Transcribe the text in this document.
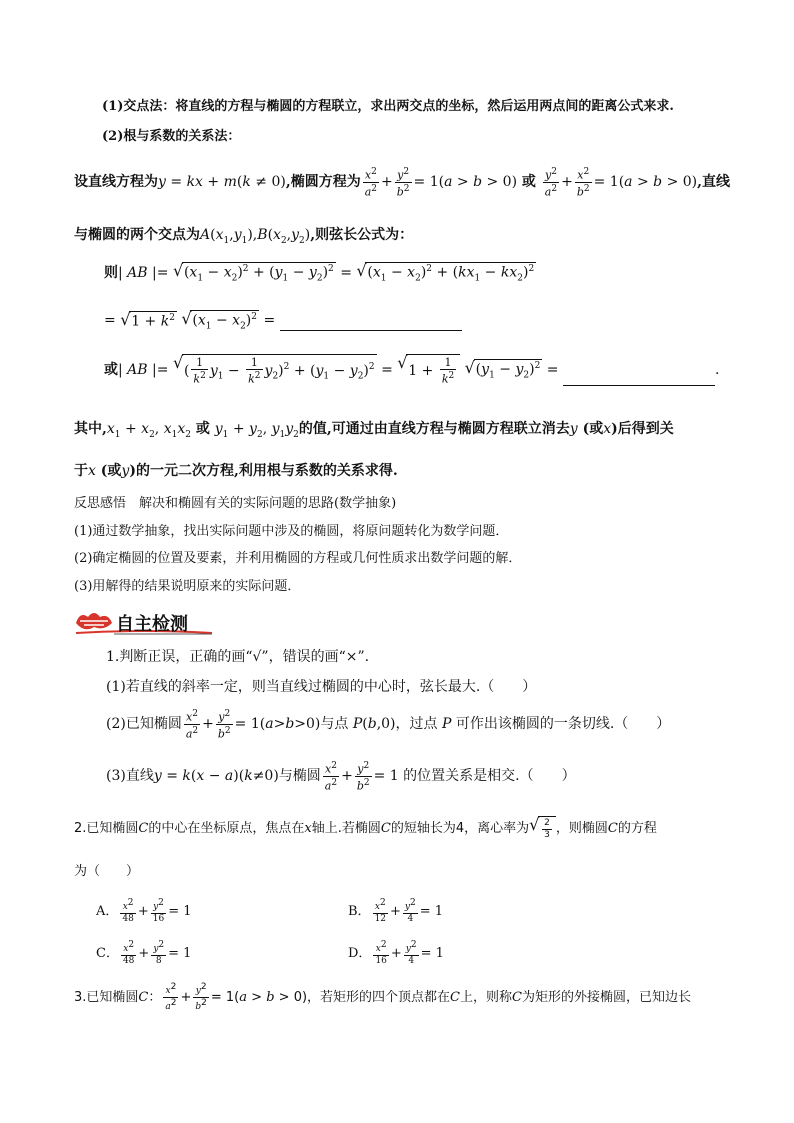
(1)交点法：将直线的方程与椭圆的方程联立，求出两交点的坐标，然后运用两点间的距离公式来求.
(2)根与系数的关系法：
设直线方程为y = kx + m(k ≠ 0),椭圆方程为 $\frac{x^2}{a^2} + \frac{y^2}{b^2} = 1(a > b > 0)$ 或 $\frac{y^2}{a^2} + \frac{x^2}{b^2} = 1(a > b > 0)$,直线
与椭圆的两个交点为$A(x_1,y_1),B(x_2,y_2)$,则弦长公式为：
则| AB |= √ $(x_1 - x_2)^2 + (y_1 - y_2)^2$ = √ $(x_1 - x_2)^2 + (kx_1 - kx_2)^2$
= √ $1 + k^2$ √ $(x_1 - x_2)^2$ =
或| AB |= √ ( $\frac{1}{k^2} y_1 - \frac{1}{k^2} y_2)^2 + (y_1 - y_2)^2$ = √ $1 + \frac{1}{k^2}$ √ $(y_1 - y_2)^2$ =	.
其中$,x_1 + x_2$, $x_1x_2$ 或 $y_1 + y_2$, $y_1y_2$的值,可通过由直线方程与椭圆方程联立消去y (或x)后得到关
于x (或y)的一元二次方程,利用根与系数的关系求得.
反思感悟　解决和椭圆有关的实际问题的思路(数学抽象)
(1)通过数学抽象，找出实际问题中涉及的椭圆，将原问题转化为数学问题．
(2)确定椭圆的位置及要素，并利用椭圆的方程或几何性质求出数学问题的解．
(3)用解得的结果说明原来的实际问题．
自主检测
1.判断正误，正确的画“√”，错误的画“×”.
(1)若直线的斜率一定，则当直线过椭圆的中心时，弦长最大.（　　）
(2)已知椭圆 $\frac{x^2}{a^2} + \frac{y^2}{b^2} = 1(a>b>0)$与点 P(b,0)，过点 P 可作出该椭圆的一条切线.（　　）
(3)直线y = k(x − a)(k≠0)与椭圆 $\frac{x^2}{a^2} + \frac{y^2}{b^2} = 1$ 的位置关系是相交.（　　）
2.已知椭圆C的中心在坐标原点，焦点在x轴上.若椭圆C的短轴长为4，离心率为 √ $\frac{2}{3}$ ，则椭圆C的方程
为（　　）
A． $\frac{x^2}{48} + \frac{y^2}{16} = 1$	B． $\frac{x^2}{12} + \frac{y^2}{4} = 1$
C． $\frac{x^2}{48} + \frac{y^2}{8} = 1$	D． $\frac{x^2}{16} + \frac{y^2}{4} = 1$
3.已知椭圆C： $\frac{x^2}{a^2} + \frac{y^2}{b^2} = 1(a > b > 0)$，若矩形的四个顶点都在C上，则称C为矩形的外接椭圆，已知边长
